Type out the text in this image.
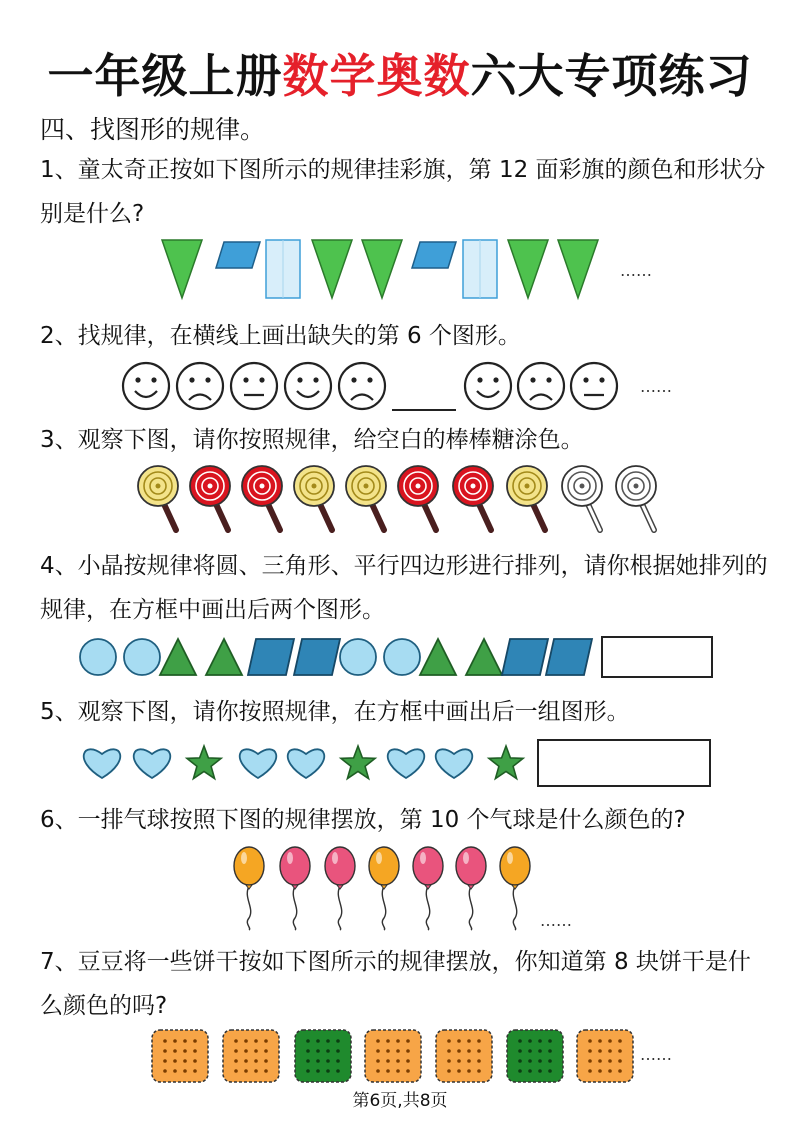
一年级上册数学奥数六大专项练习
四、找图形的规律。
1、童太奇正按如下图所示的规律挂彩旗，第 12 面彩旗的颜色和形状分别是什么?
……
2、找规律，在横线上画出缺失的第 6 个图形。
……
3、观察下图，请你按照规律，给空白的棒棒糖涂色。
4、小晶按规律将圆、三角形、平行四边形进行排列，请你根据她排列的规律，在方框中画出后两个图形。
5、观察下图，请你按照规律，在方框中画出后一组图形。
6、一排气球按照下图的规律摆放，第 10 个气球是什么颜色的?
……
7、豆豆将一些饼干按如下图所示的规律摆放，你知道第 8 块饼干是什么颜色的吗?
……
第6页,共8页
